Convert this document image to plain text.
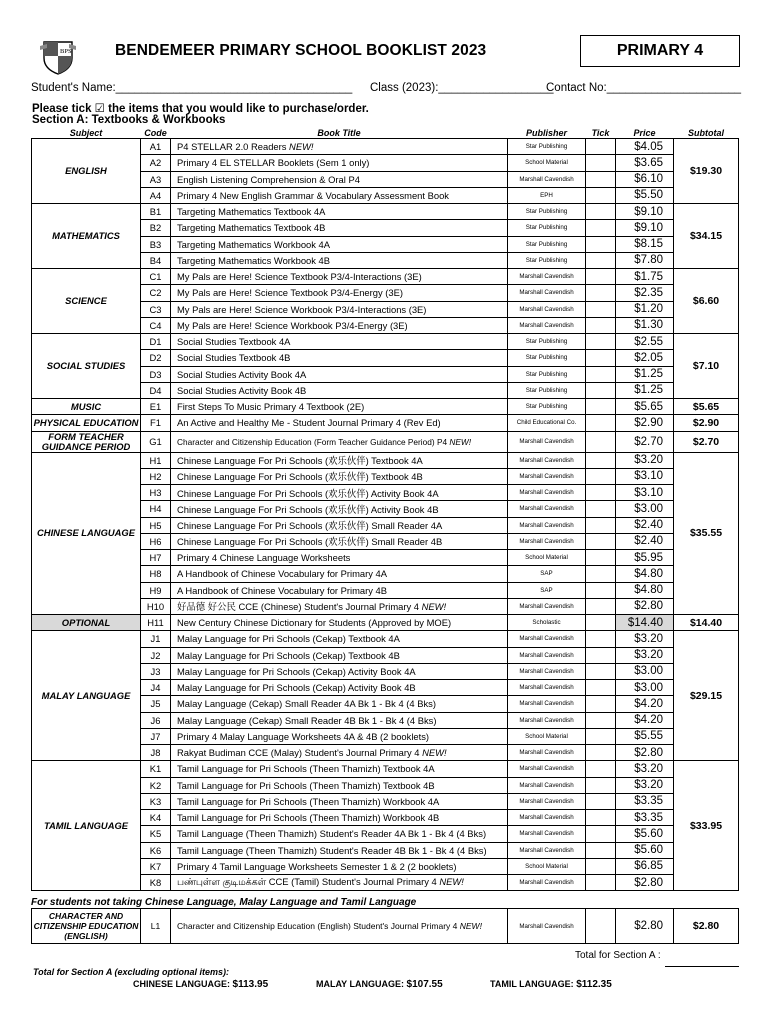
BPS	BENDEMEER PRIMARY SCHOOL BOOKLIST 2023	PRIMARY 4
Student's Name:_____________________________________ Class (2023):__________________
Contact No:_____________________
Please tick ☑ the items that you would like to purchase/order.
Section A: Textbooks & Workbooks
Subject	Code	Book Title	Publisher	Tick	Price	Subtotal
ENGLISH	A1	P4 STELLAR 2.0 Readers NEW!	Star Publishing		$4.05	$19.30
	A2	Primary 4 EL STELLAR Booklets (Sem 1 only)	School Material		$3.65	
	A3	English Listening Comprehension & Oral P4	Marshall Cavendish		$6.10	
	A4	Primary 4 New English Grammar & Vocabulary Assessment Book	EPH		$5.50	
MATHEMATICS	B1	Targeting Mathematics Textbook 4A	Star Publishing		$9.10	$34.15
	B2	Targeting Mathematics Textbook 4B	Star Publishing		$9.10	
	B3	Targeting Mathematics Workbook 4A	Star Publishing		$8.15	
	B4	Targeting Mathematics Workbook 4B	Star Publishing		$7.80	
SCIENCE	C1	My Pals are Here! Science Textbook P3/4-Interactions (3E)	Marshall Cavendish		$1.75	$6.60
	C2	My Pals are Here! Science Textbook P3/4-Energy (3E)	Marshall Cavendish		$2.35	
	C3	My Pals are Here! Science Workbook P3/4-Interactions (3E)	Marshall Cavendish		$1.20	
	C4	My Pals are Here! Science Workbook P3/4-Energy (3E)	Marshall Cavendish		$1.30	
SOCIAL STUDIES	D1	Social Studies Textbook 4A	Star Publishing		$2.55	$7.10
	D2	Social Studies Textbook 4B	Star Publishing		$2.05	
	D3	Social Studies Activity Book 4A	Star Publishing		$1.25	
	D4	Social Studies Activity Book 4B	Star Publishing		$1.25	
MUSIC	E1	First Steps To Music Primary 4 Textbook (2E)	Star Publishing		$5.65	$5.65
PHYSICAL EDUCATION	F1	An Active and Healthy Me - Student Journal Primary 4 (Rev Ed)	Child Educational Co.		$2.90	$2.90
FORM TEACHER GUIDANCE PERIOD	G1	Character and Citizenship Education (Form Teacher Guidance Period) P4 NEW!	Marshall Cavendish		$2.70	$2.70
CHINESE LANGUAGE	H1	Chinese Language For Pri Schools (欢乐伙伴) Textbook 4A	Marshall Cavendish		$3.20	$35.55
	H2	Chinese Language For Pri Schools (欢乐伙伴) Textbook 4B	Marshall Cavendish		$3.10	
	H3	Chinese Language For Pri Schools (欢乐伙伴) Activity Book 4A	Marshall Cavendish		$3.10	
	H4	Chinese Language For Pri Schools (欢乐伙伴) Activity Book 4B	Marshall Cavendish		$3.00	
	H5	Chinese Language For Pri Schools (欢乐伙伴) Small Reader 4A	Marshall Cavendish		$2.40	
	H6	Chinese Language For Pri Schools (欢乐伙伴) Small Reader 4B	Marshall Cavendish		$2.40	
	H7	Primary 4 Chinese Language Worksheets	School Material		$5.95	
	H8	A Handbook of Chinese Vocabulary for Primary 4A	SAP		$4.80	
	H9	A Handbook of Chinese Vocabulary for Primary 4B	SAP		$4.80	
	H10	好品德 好公民 CCE (Chinese) Student's Journal Primary 4 NEW!	Marshall Cavendish		$2.80	
OPTIONAL	H11	New Century Chinese Dictionary for Students (Approved by MOE)	Scholastic		$14.40	$14.40
MALAY LANGUAGE	J1	Malay Language for Pri Schools (Cekap) Textbook 4A	Marshall Cavendish		$3.20	$29.15
	J2	Malay Language for Pri Schools (Cekap) Textbook 4B	Marshall Cavendish		$3.20	
	J3	Malay Language for Pri Schools (Cekap) Activity Book 4A	Marshall Cavendish		$3.00	
	J4	Malay Language for Pri Schools (Cekap) Activity Book 4B	Marshall Cavendish		$3.00	
	J5	Malay Language (Cekap) Small Reader 4A Bk 1 - Bk 4 (4 Bks)	Marshall Cavendish		$4.20	
	J6	Malay Language (Cekap) Small Reader 4B Bk 1 - Bk 4 (4 Bks)	Marshall Cavendish		$4.20	
	J7	Primary 4 Malay Language Worksheets 4A & 4B (2 booklets)	School Material		$5.55	
	J8	Rakyat Budiman CCE (Malay) Student's Journal Primary 4 NEW!	Marshall Cavendish		$2.80	
TAMIL LANGUAGE	K1	Tamil Language for Pri Schools (Theen Thamizh) Textbook 4A	Marshall Cavendish		$3.20	$33.95
	K2	Tamil Language for Pri Schools (Theen Thamizh) Textbook 4B	Marshall Cavendish		$3.20	
	K3	Tamil Language for Pri Schools (Theen Thamizh) Workbook 4A	Marshall Cavendish		$3.35	
	K4	Tamil Language for Pri Schools (Theen Thamizh) Workbook 4B	Marshall Cavendish		$3.35	
	K5	Tamil Language (Theen Thamizh) Student's Reader 4A Bk 1 - Bk 4 (4 Bks)	Marshall Cavendish		$5.60	
	K6	Tamil Language (Theen Thamizh) Student's Reader 4B Bk 1 - Bk 4 (4 Bks)	Marshall Cavendish		$5.60	
	K7	Primary 4 Tamil Language Worksheets Semester 1 & 2 (2 booklets)	School Material		$6.85	
	K8	பண்புள்ள குடிமக்கள் CCE (Tamil) Student's Journal Primary 4 NEW!	Marshall Cavendish		$2.80	
For students not taking Chinese Language, Malay Language and Tamil Language
CHARACTER AND CITIZENSHIP EDUCATION (ENGLISH)	L1	Character and Citizenship Education (English) Student's Journal Primary 4 NEW!	Marshall Cavendish		$2.80	$2.80
Total for Section A :
Total for Section A (excluding optional items):
CHINESE LANGUAGE: $113.95	MALAY LANGUAGE: $107.55	TAMIL LANGUAGE: $112.35
